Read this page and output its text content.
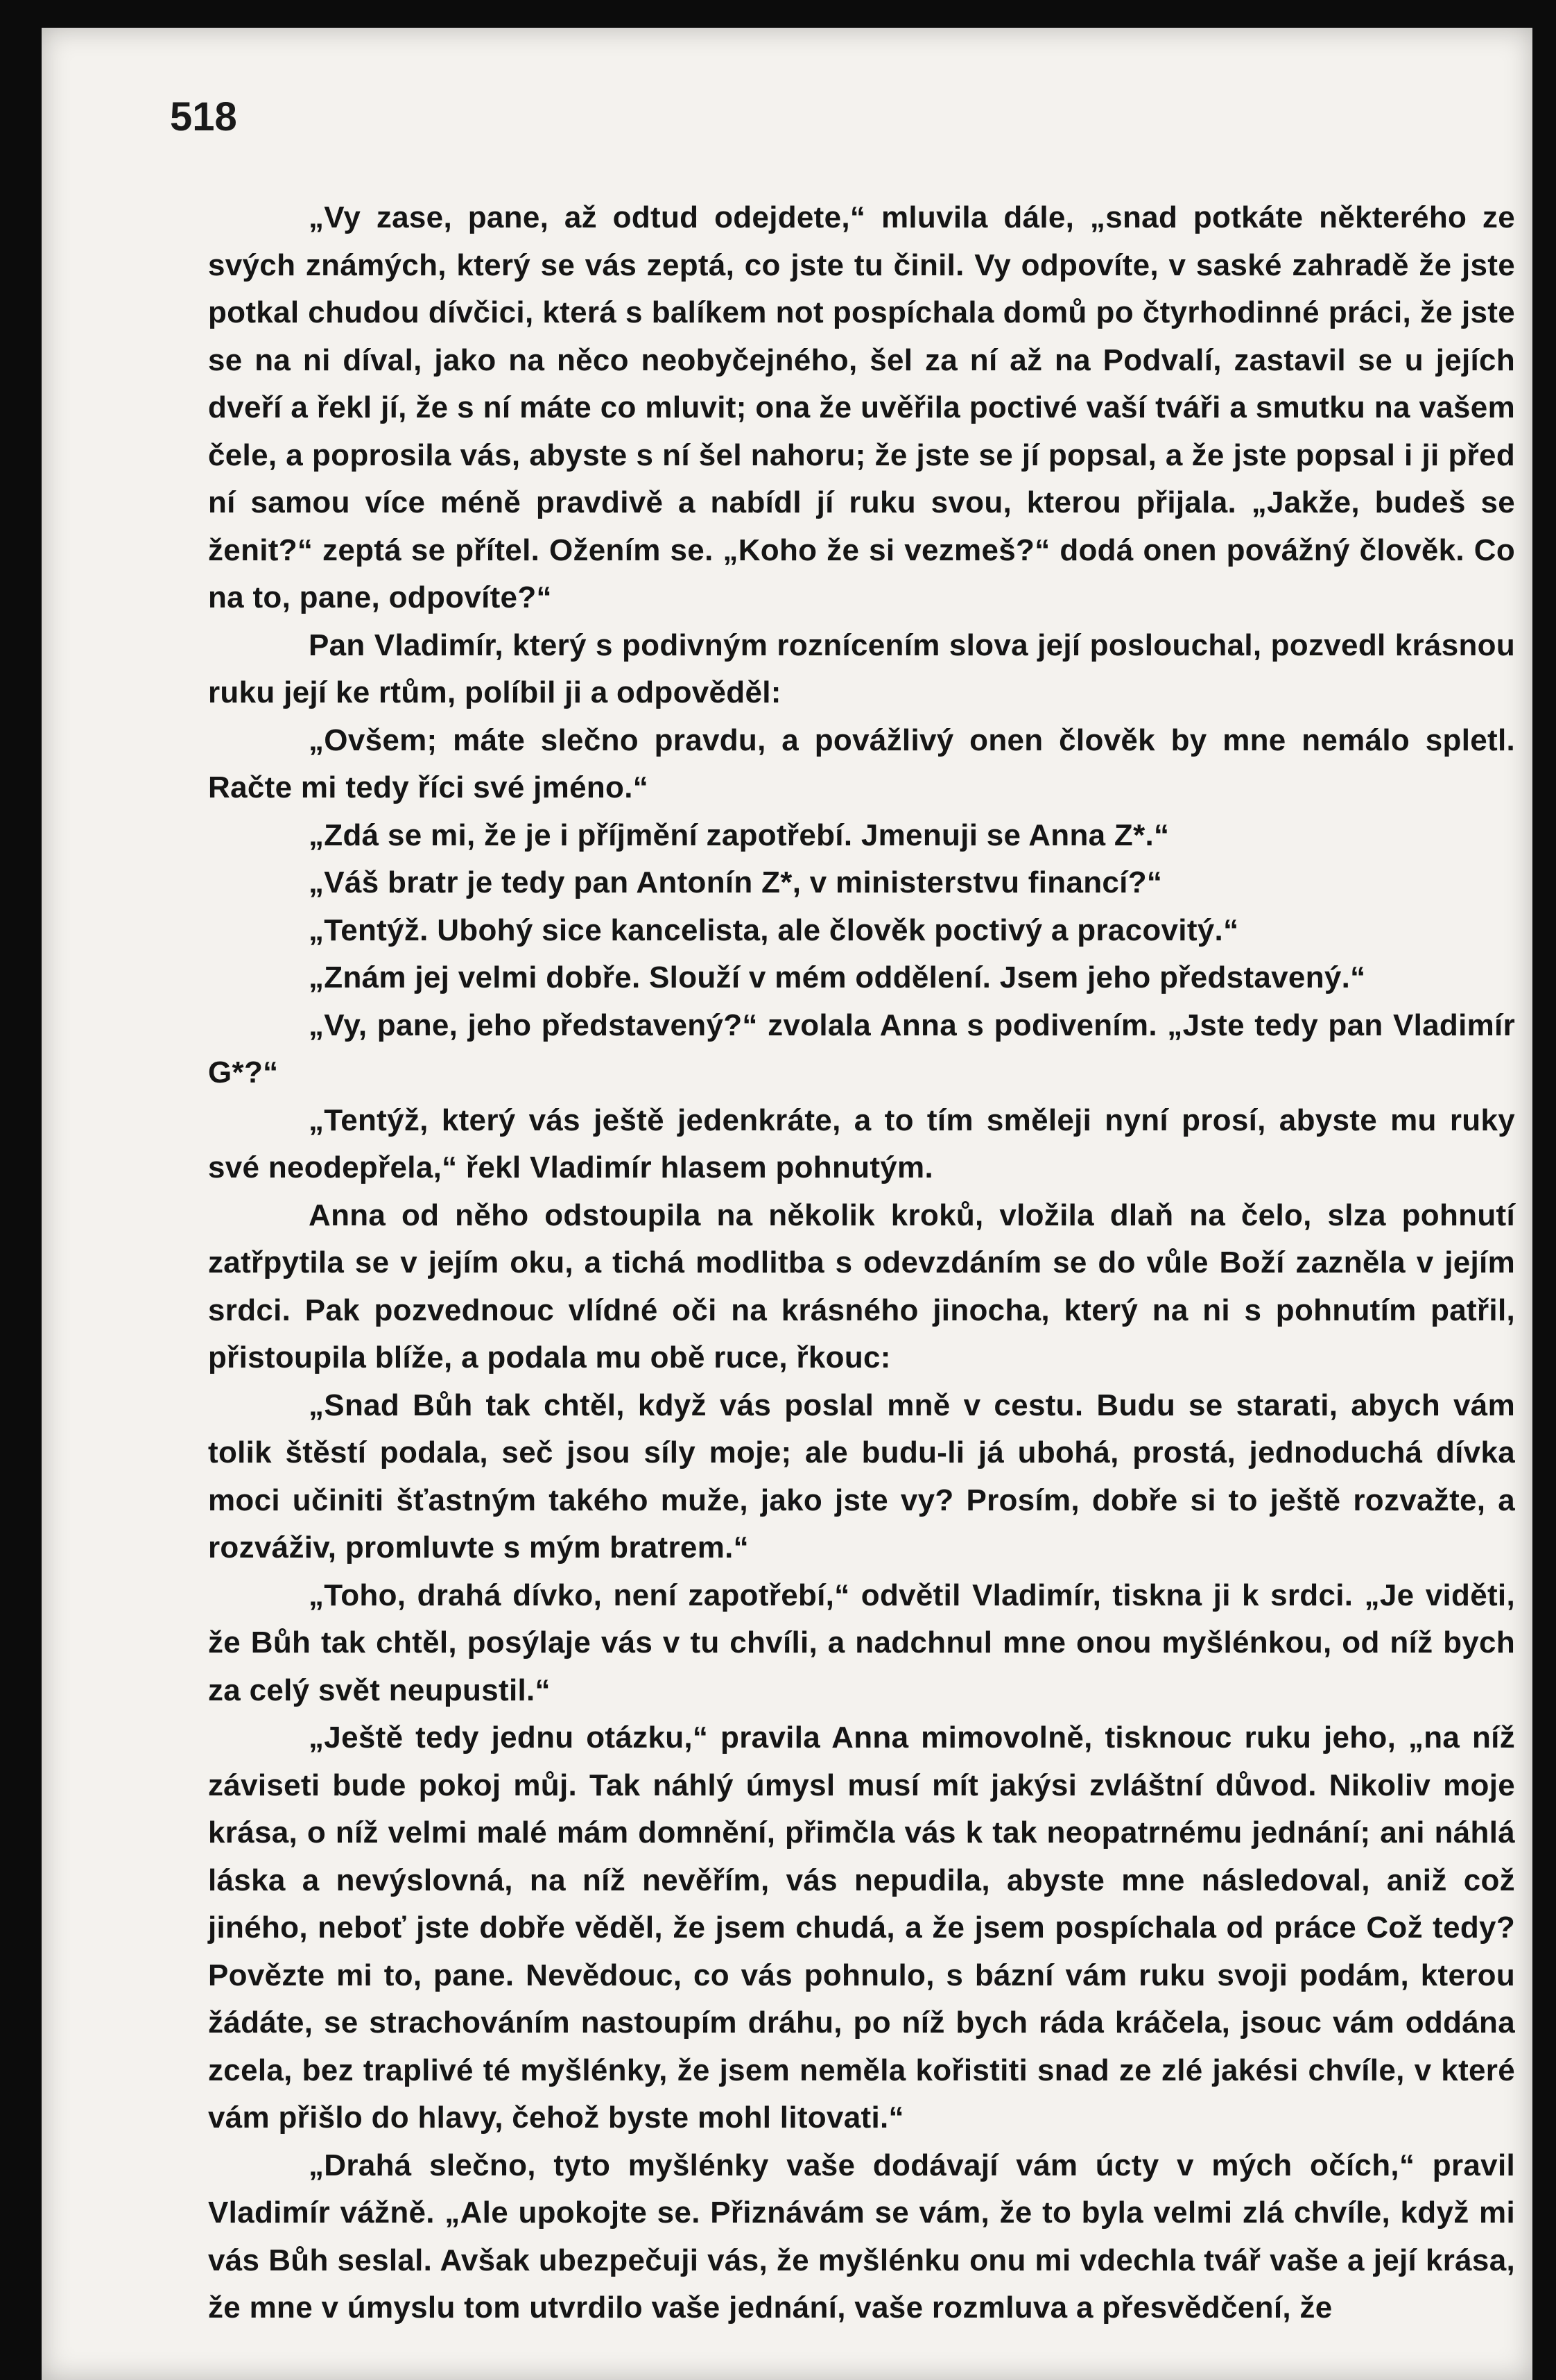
518

„Vy zase, pane, až odtud odejdete,“ mluvila dále, „snad potkáte některého ze svých známých, který se vás zeptá, co jste tu činil. Vy odpovíte, v saské zahradě že jste potkal chudou dívčici, která s balíkem not pospíchala domů po čtyrhodinné práci, že jste se na ni díval, jako na něco neobyčejného, šel za ní až na Podvalí, zastavil se u jejích dveří a řekl jí, že s ní máte co mluvit; ona že uvěřila poctivé vaší tváři a smutku na vašem čele, a poprosila vás, abyste s ní šel nahoru; že jste se jí popsal, a že jste popsal i ji před ní samou více méně pravdivě a nabídl jí ruku svou, kterou přijala. „Jakže, budeš se ženit?“ zeptá se přítel. Ožením se. „Koho že si vezmeš?“ dodá onen povážný člověk. Co na to, pane, odpovíte?“

Pan Vladimír, který s podivným roznícením slova její poslouchal, pozvedl krásnou ruku její ke rtům, políbil ji a odpověděl:

„Ovšem; máte slečno pravdu, a povážlivý onen člověk by mne nemálo spletl. Račte mi tedy říci své jméno.“

„Zdá se mi, že je i příjmění zapotřebí. Jmenuji se Anna Z*.“

„Váš bratr je tedy pan Antonín Z*, v ministerstvu financí?“

„Tentýž. Ubohý sice kancelista, ale člověk poctivý a pracovitý.“

„Znám jej velmi dobře. Slouží v mém oddělení. Jsem jeho představený.“

„Vy, pane, jeho představený?“ zvolala Anna s podivením. „Jste tedy pan Vladimír G*?“

„Tentýž, který vás ještě jedenkráte, a to tím směleji nyní prosí, abyste mu ruky své neodepřela,“ řekl Vladimír hlasem pohnutým.

Anna od něho odstoupila na několik kroků, vložila dlaň na čelo, slza pohnutí zatřpytila se v jejím oku, a tichá modlitba s odevzdáním se do vůle Boží zazněla v jejím srdci. Pak pozvednouc vlídné oči na krásného jinocha, který na ni s pohnutím patřil, přistoupila blíže, a podala mu obě ruce, řkouc:

„Snad Bůh tak chtěl, když vás poslal mně v cestu. Budu se starati, abych vám tolik štěstí podala, seč jsou síly moje; ale budu-li já ubohá, prostá, jednoduchá dívka moci učiniti šťastným takého muže, jako jste vy? Prosím, dobře si to ještě rozvažte, a rozváživ, promluvte s mým bratrem.“

„Toho, drahá dívko, není zapotřebí,“ odvětil Vladimír, tiskna ji k srdci. „Je viděti, že Bůh tak chtěl, posýlaje vás v tu chvíli, a nadchnul mne onou myšlénkou, od níž bych za celý svět neupustil.“

„Ještě tedy jednu otázku,“ pravila Anna mimovolně, tisknouc ruku jeho, „na níž záviseti bude pokoj můj. Tak náhlý úmysl musí mít jakýsi zvláštní důvod. Nikoliv moje krása, o níž velmi malé mám domnění, přimčla vás k tak neopatrnému jednání; ani náhlá láska a nevýslovná, na níž nevěřím, vás nepudila, abyste mne následoval, aniž což jiného, neboť jste dobře věděl, že jsem chudá, a že jsem pospíchala od práce Což tedy? Povězte mi to, pane. Nevědouc, co vás pohnulo, s bázní vám ruku svoji podám, kterou žádáte, se strachováním nastoupím dráhu, po níž bych ráda kráčela, jsouc vám oddána zcela, bez traplivé té myšlénky, že jsem neměla kořistiti snad ze zlé jakési chvíle, v které vám přišlo do hlavy, čehož byste mohl litovati.“

„Drahá slečno, tyto myšlénky vaše dodávají vám úcty v mých očích,“ pravil Vladimír vážně. „Ale upokojte se. Přiznávám se vám, že to byla velmi zlá chvíle, když mi vás Bůh seslal. Avšak ubezpečuji vás, že myšlénku onu mi vdechla tvář vaše a její krása, že mne v úmyslu tom utvrdilo vaše jednání, vaše rozmluva a přesvědčení, že
